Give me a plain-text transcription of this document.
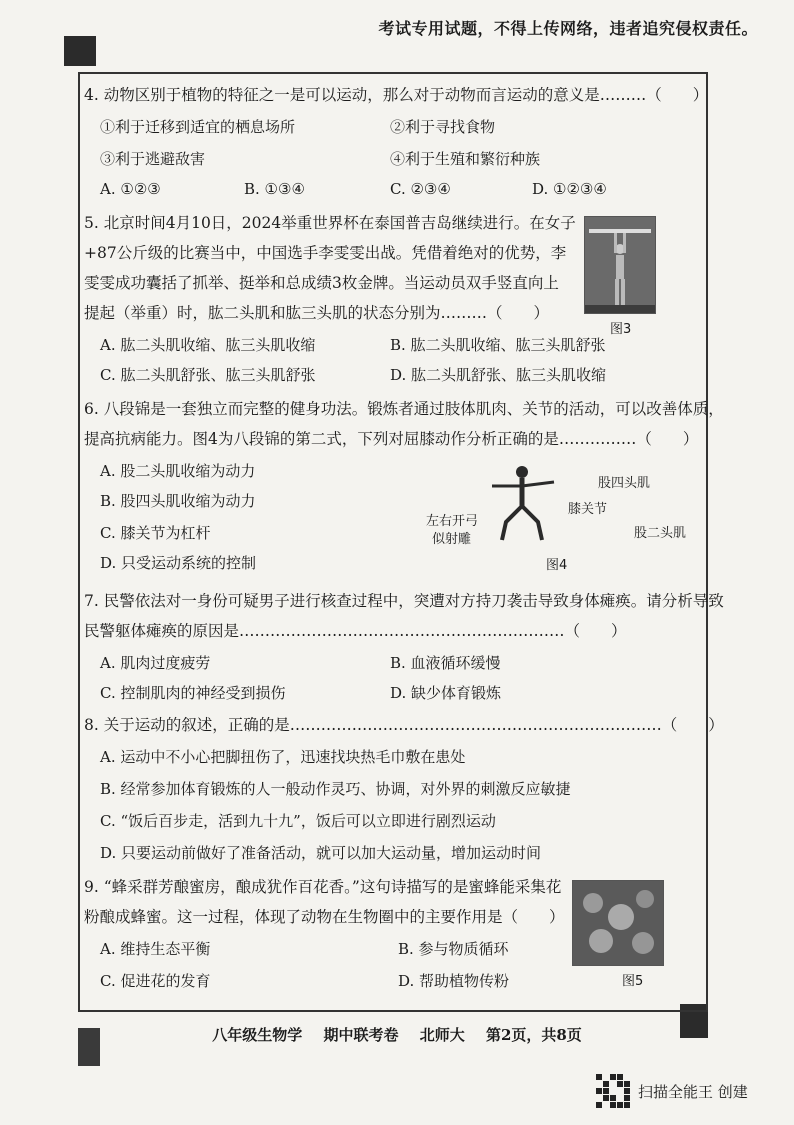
考试专用试题，不得上传网络，违者追究侵权责任。
4. 动物区别于植物的特征之一是可以运动，那么对于动物而言运动的意义是………（　　）
①利于迁移到适宜的栖息场所	②利于寻找食物
③利于逃避敌害	④利于生殖和繁衍种族
A. ①②③	B. ①③④	C. ②③④	D. ①②③④
5. 北京时间4月10日，2024举重世界杯在泰国普吉岛继续进行。在女子
+87公斤级的比赛当中，中国选手李雯雯出战。凭借着绝对的优势，李
雯雯成功囊括了抓举、挺举和总成绩3枚金牌。当运动员双手竖直向上
提起（举重）时，肱二头肌和肱三头肌的状态分别为………（　　）
图3
A. 肱二头肌收缩、肱三头肌收缩	B. 肱二头肌收缩、肱三头肌舒张
C. 肱二头肌舒张、肱三头肌舒张	D. 肱二头肌舒张、肱三头肌收缩
6. 八段锦是一套独立而完整的健身功法。锻炼者通过肢体肌肉、关节的活动，可以改善体质，
提高抗病能力。图4为八段锦的第二式，下列对屈膝动作分析正确的是……………（　　）
A. 股二头肌收缩为动力
B. 股四头肌收缩为动力
C. 膝关节为杠杆
D. 只受运动系统的控制
左右开弓
似射雕
股四头肌
膝关节
股二头肌
图4
7. 民警依法对一身份可疑男子进行核查过程中，突遭对方持刀袭击导致身体瘫痪。请分析导致
民警躯体瘫痪的原因是………………………………………………………（　　）
A. 肌肉过度疲劳	B. 血液循环缓慢
C. 控制肌肉的神经受到损伤	D. 缺少体育锻炼
8. 关于运动的叙述，正确的是………………………………………………………………（　　）
A. 运动中不小心把脚扭伤了，迅速找块热毛巾敷在患处
B. 经常参加体育锻炼的人一般动作灵巧、协调，对外界的刺激反应敏捷
C. “饭后百步走，活到九十九”，饭后可以立即进行剧烈运动
D. 只要运动前做好了准备活动，就可以加大运动量，增加运动时间
9. “蜂采群芳酿蜜房，酿成犹作百花香。”这句诗描写的是蜜蜂能采集花
粉酿成蜂蜜。这一过程，体现了动物在生物圈中的主要作用是（　　）
图5
A. 维持生态平衡	B. 参与物质循环
C. 促进花的发育	D. 帮助植物传粉
八年级生物学 期中联考卷 北师大 第2页，共8页
扫描全能王 创建
